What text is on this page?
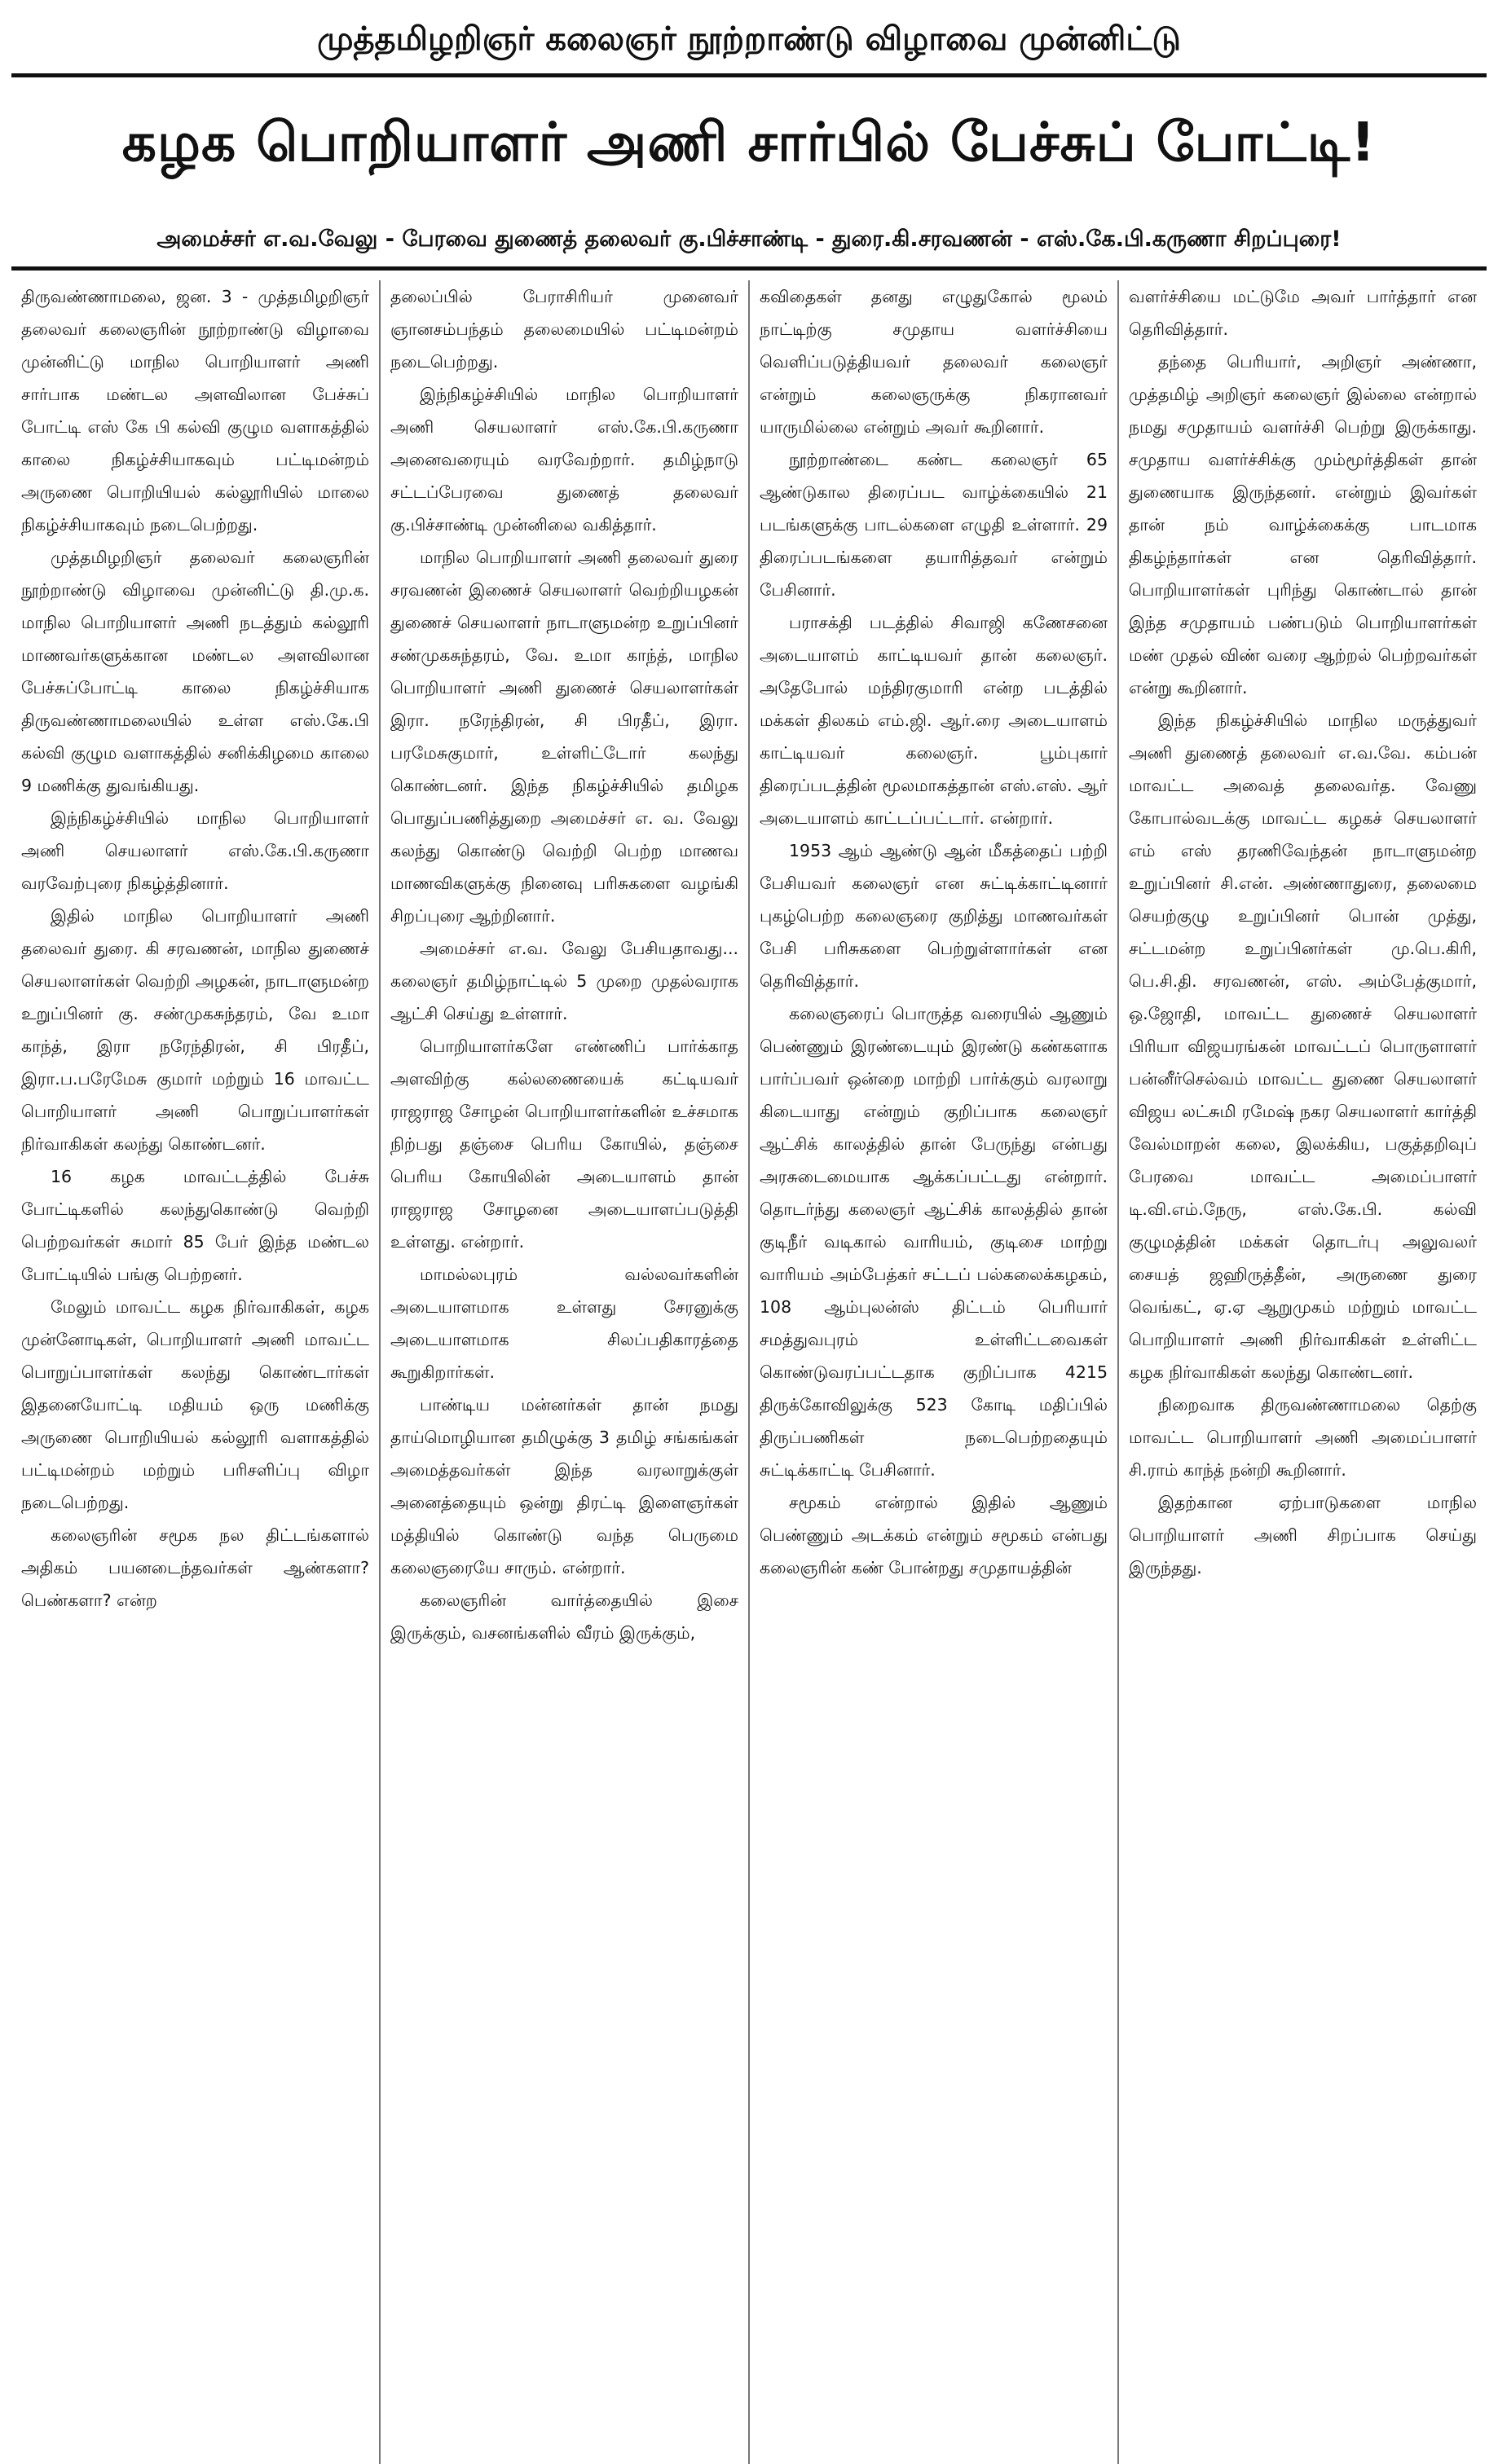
முத்தமிழறிஞர் கலைஞர் நூற்றாண்டு விழாவை முன்னிட்டு
கழக பொறியாளர் அணி சார்பில் பேச்சுப் போட்டி!
அமைச்சர் எ.வ.வேலு - பேரவை துணைத் தலைவர் கு.பிச்சாண்டி - துரை.கி.சரவணன் - எஸ்.கே.பி.கருணா சிறப்புரை!

திருவண்ணாமலை, ஜன. 3 - முத்தமிழறிஞர் தலைவர் கலைஞரின் நூற்றாண்டு விழாவை முன்னிட்டு மாநில பொறியாளர் அணி சார்பாக மண்டல அளவிலான பேச்சுப் போட்டி எஸ் கே பி கல்வி குழும வளாகத்தில் காலை நிகழ்ச்சியாகவும் பட்டிமன்றம் அருணை பொறியியல் கல்லூரியில் மாலை நிகழ்ச்சியாகவும் நடைபெற்றது.

முத்தமிழறிஞர் தலைவர் கலைஞரின் நூற்றாண்டு விழாவை முன்னிட்டு தி.மு.க. மாநில பொறியாளர் அணி நடத்தும் கல்லூரி மாணவர்களுக்கான மண்டல அளவிலான பேச்சுப்போட்டி காலை நிகழ்ச்சியாக திருவண்ணாமலையில் உள்ள எஸ்.கே.பி கல்வி குழும வளாகத்தில் சனிக்கிழமை காலை 9 மணிக்கு துவங்கியது.

இந்நிகழ்ச்சியில் மாநில பொறியாளர் அணி செயலாளர் எஸ்.கே.பி.கருணா வரவேற்புரை நிகழ்த்தினார்.

இதில் மாநில பொறியாளர் அணி தலைவர் துரை. கி சரவணன், மாநில துணைச் செயலாளர்கள் வெற்றி அழகன், நாடாளுமன்ற உறுப்பினர் கு. சண்முகசுந்தரம், வே உமா காந்த், இரா நரேந்திரன், சி பிரதீப், இரா.ப.பரேமேசு குமார் மற்றும் 16 மாவட்ட பொறியாளர் அணி பொறுப்பாளர்கள் நிர்வாகிகள் கலந்து கொண்டனர்.

16 கழக மாவட்டத்தில் பேச்சு போட்டிகளில் கலந்துகொண்டு வெற்றி பெற்றவர்கள் சுமார் 85 பேர் இந்த மண்டல போட்டியில் பங்கு பெற்றனர்.

மேலும் மாவட்ட கழக நிர்வாகிகள், கழக முன்னோடிகள், பொறியாளர் அணி மாவட்ட பொறுப்பாளர்கள் கலந்து கொண்டார்கள் இதனையோட்டி மதியம் ஒரு மணிக்கு அருணை பொறியியல் கல்லூரி வளாகத்தில் பட்டிமன்றம் மற்றும் பரிசளிப்பு விழா நடைபெற்றது.

கலைஞரின் சமூக நல திட்டங்களால் அதிகம் பயனடைந்தவர்கள் ஆண்களா? பெண்களா? என்ற

தலைப்பில் பேராசிரியர் முனைவர் ஞானசம்பந்தம் தலைமையில் பட்டிமன்றம் நடைபெற்றது.

இந்நிகழ்ச்சியில் மாநில பொறியாளர் அணி செயலாளர் எஸ்.கே.பி.கருணா அனைவரையும் வரவேற்றார். தமிழ்நாடு சட்டப்பேரவை துணைத் தலைவர் கு.பிச்சாண்டி முன்னிலை வகித்தார்.

மாநில பொறியாளர் அணி தலைவர் துரை சரவணன் இணைச் செயலாளர் வெற்றியழகன் துணைச் செயலாளர் நாடாளுமன்ற உறுப்பினர் சண்முகசுந்தரம், வே. உமா காந்த், மாநில பொறியாளர் அணி துணைச் செயலாளர்கள் இரா. நரேந்திரன், சி பிரதீப், இரா. பரமேசுகுமார், உள்ளிட்டோர் கலந்து கொண்டனர். இந்த நிகழ்ச்சியில் தமிழக பொதுப்பணித்துறை அமைச்சர் எ. வ. வேலு கலந்து கொண்டு வெற்றி பெற்ற மாணவ மாணவிகளுக்கு நினைவு பரிசுகளை வழங்கி சிறப்புரை ஆற்றினார்.

அமைச்சர் எ.வ. வேலு பேசியதாவது... கலைஞர் தமிழ்நாட்டில் 5 முறை முதல்வராக ஆட்சி செய்து உள்ளார்.

பொறியாளர்களே எண்ணிப் பார்க்காத அளவிற்கு கல்லணையைக் கட்டியவர் ராஜராஜ சோழன் பொறியாளர்களின் உச்சமாக நிற்பது தஞ்சை பெரிய கோயில், தஞ்சை பெரிய கோயிலின் அடையாளம் தான் ராஜராஜ சோழனை அடையாளப்படுத்தி உள்ளது. என்றார்.

மாமல்லபுரம் வல்லவர்களின் அடையாளமாக உள்ளது சேரனுக்கு அடையாளமாக சிலப்பதிகாரத்தை கூறுகிறார்கள்.

பாண்டிய மன்னர்கள் தான் நமது தாய்மொழியான தமிழுக்கு 3 தமிழ் சங்கங்கள் அமைத்தவர்கள் இந்த வரலாறுக்குள் அனைத்தையும் ஒன்று திரட்டி இளைஞர்கள் மத்தியில் கொண்டு வந்த பெருமை கலைஞரையே சாரும். என்றார்.

கலைஞரின் வார்த்தையில் இசை இருக்கும், வசனங்களில் வீரம் இருக்கும்,

கவிதைகள் தனது எழுதுகோல் மூலம் நாட்டிற்கு சமுதாய வளர்ச்சியை வெளிப்படுத்தியவர் தலைவர் கலைஞர் என்றும் கலைஞருக்கு நிகரானவர் யாருமில்லை என்றும் அவர் கூறினார்.

நூற்றாண்டை கண்ட கலைஞர் 65 ஆண்டுகால திரைப்பட வாழ்க்கையில் 21 படங்களுக்கு பாடல்களை எழுதி உள்ளார். 29 திரைப்படங்களை தயாரித்தவர் என்றும் பேசினார்.

பராசக்தி படத்தில் சிவாஜி கணேசனை அடையாளம் காட்டியவர் தான் கலைஞர். அதேபோல் மந்திரகுமாரி என்ற படத்தில் மக்கள் திலகம் எம்.ஜி. ஆர்.ரை அடையாளம் காட்டியவர் கலைஞர். பூம்புகார் திரைப்படத்தின் மூலமாகத்தான் எஸ்.எஸ். ஆர் அடையாளம் காட்டப்பட்டார். என்றார்.

1953 ஆம் ஆண்டு ஆன் மீகத்தைப் பற்றி பேசியவர் கலைஞர் என சுட்டிக்காட்டினார் புகழ்பெற்ற கலைஞரை குறித்து மாணவர்கள் பேசி பரிசுகளை பெற்றுள்ளார்கள் என தெரிவித்தார்.

கலைஞரைப் பொருத்த வரையில் ஆணும் பெண்ணும் இரண்டையும் இரண்டு கண்களாக பார்ப்பவர் ஒன்றை மாற்றி பார்க்கும் வரலாறு கிடையாது என்றும் குறிப்பாக கலைஞர் ஆட்சிக் காலத்தில் தான் பேருந்து என்பது அரசுடைமையாக ஆக்கப்பட்டது என்றார். தொடர்ந்து கலைஞர் ஆட்சிக் காலத்தில் தான் குடிநீர் வடிகால் வாரியம், குடிசை மாற்று வாரியம் அம்பேத்கர் சட்டப் பல்கலைக்கழகம், 108 ஆம்புலன்ஸ் திட்டம் பெரியார் சமத்துவபுரம் உள்ளிட்டவைகள் கொண்டுவரப்பட்டதாக குறிப்பாக 4215 திருக்கோவிலுக்கு 523 கோடி மதிப்பில் திருப்பணிகள் நடைபெற்றதையும் சுட்டிக்காட்டி பேசினார்.

சமூகம் என்றால் இதில் ஆணும் பெண்ணும் அடக்கம் என்றும் சமூகம் என்பது கலைஞரின் கண் போன்றது சமுதாயத்தின்

வளர்ச்சியை மட்டுமே அவர் பார்த்தார் என தெரிவித்தார்.

தந்தை பெரியார், அறிஞர் அண்ணா, முத்தமிழ் அறிஞர் கலைஞர் இல்லை என்றால் நமது சமுதாயம் வளர்ச்சி பெற்று இருக்காது. சமுதாய வளர்ச்சிக்கு மும்மூர்த்திகள் தான் துணையாக இருந்தனர். என்றும் இவர்கள் தான் நம் வாழ்க்கைக்கு பாடமாக திகழ்ந்தார்கள் என தெரிவித்தார். பொறியாளர்கள் புரிந்து கொண்டால் தான் இந்த சமுதாயம் பண்படும் பொறியாளர்கள் மண் முதல் விண் வரை ஆற்றல் பெற்றவர்கள் என்று கூறினார்.

இந்த நிகழ்ச்சியில் மாநில மருத்துவர் அணி துணைத் தலைவர் எ.வ.வே. கம்பன் மாவட்ட அவைத் தலைவர்த. வேணு கோபால்வடக்கு மாவட்ட கழகச் செயலாளர் எம் எஸ் தரணிவேந்தன் நாடாளுமன்ற உறுப்பினர் சி.என். அண்ணாதுரை, தலைமை செயற்குழு உறுப்பினர் பொன் முத்து, சட்டமன்ற உறுப்பினர்கள் மு.பெ.கிரி, பெ.சி.தி. சரவணன், எஸ். அம்பேத்குமார், ஒ.ஜோதி, மாவட்ட துணைச் செயலாளர் பிரியா விஜயரங்கன் மாவட்டப் பொருளாளர் பன்னீர்செல்வம் மாவட்ட துணை செயலாளர் விஜய லட்சுமி ரமேஷ் நகர செயலாளர் கார்த்தி வேல்மாறன் கலை, இலக்கிய, பகுத்தறிவுப் பேரவை மாவட்ட அமைப்பாளர் டி.வி.எம்.நேரு, எஸ்.கே.பி. கல்வி குழுமத்தின் மக்கள் தொடர்பு அலுவலர் சையத் ஜஹிருத்தீன், அருணை துரை வெங்கட், ஏ.ஏ ஆறுமுகம் மற்றும் மாவட்ட பொறியாளர் அணி நிர்வாகிகள் உள்ளிட்ட கழக நிர்வாகிகள் கலந்து கொண்டனர்.

நிறைவாக திருவண்ணாமலை தெற்கு மாவட்ட பொறியாளர் அணி அமைப்பாளர் சி.ராம் காந்த் நன்றி கூறினார்.

இதற்கான ஏற்பாடுகளை மாநில பொறியாளர் அணி சிறப்பாக செய்து இருந்தது.
